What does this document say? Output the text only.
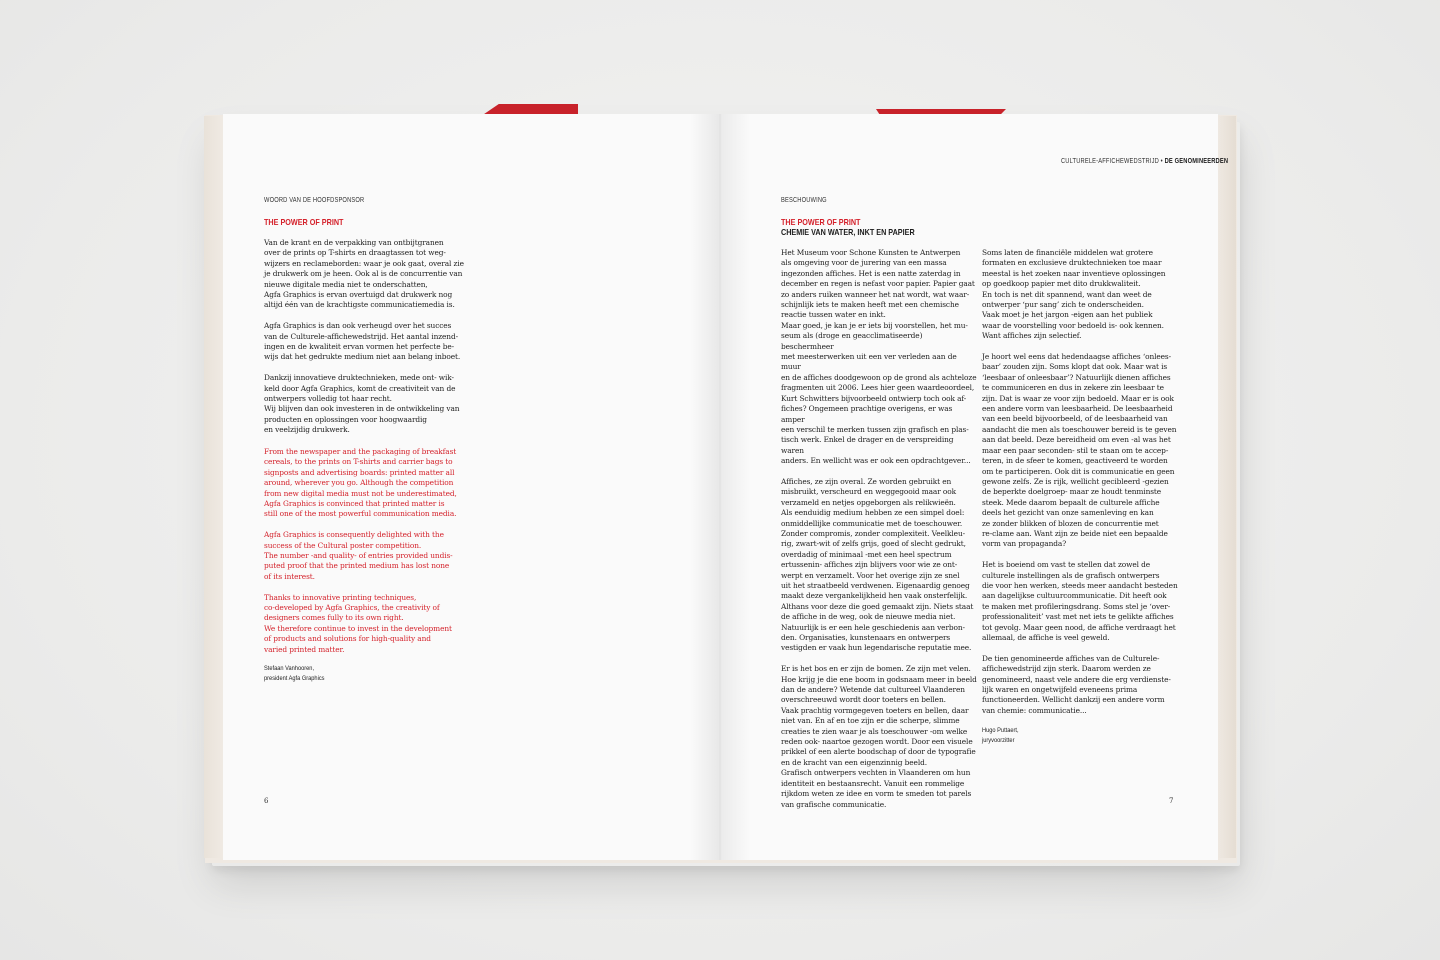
WOORD VAN DE HOOFDSPONSOR
THE POWER OF PRINT

Van de krant en de verpakking van ontbijtgranen
over de prints op T-shirts en draagtassen tot weg-
wijzers en reclameborden: waar je ook gaat, overal zie
je drukwerk om je heen. Ook al is de concurrentie van
nieuwe digitale media niet te onderschatten,
Agfa Graphics is ervan overtuigd dat drukwerk nog
altijd één van de krachtigste communicatiemedia is.

Agfa Graphics is dan ook verheugd over het succes
van de Culturele-affichewedstrijd. Het aantal inzend-
ingen en de kwaliteit ervan vormen het perfecte be-
wijs dat het gedrukte medium niet aan belang inboet.

Dankzij innovatieve druktechnieken, mede ont- wik-
keld door Agfa Graphics, komt de creativiteit van de
ontwerpers volledig tot haar recht.
Wij blijven dan ook investeren in de ontwikkeling van
producten en oplossingen voor hoogwaardig
en veelzijdig drukwerk.

From the newspaper and the packaging of breakfast
cereals, to the prints on T-shirts and carrier bags to
signposts and advertising boards: printed matter all
around, wherever you go. Although the competition
from new digital media must not be underestimated,
Agfa Graphics is convinced that printed matter is
still one of the most powerful communication media.

Agfa Graphics is consequently delighted with the
success of the Cultural poster competition.
The number -and quality- of entries provided undis-
puted proof that the printed medium has lost none
of its interest.

Thanks to innovative printing techniques,
co-developed by Agfa Graphics, the creativity of
designers comes fully to its own right.
We therefore continue to invest in the development
of products and solutions for high-quality and
varied printed matter.

Stefaan Vanhooren,
president Agfa Graphics
6
CULTURELE-AFFICHEWEDSTRIJD • DE GENOMINEERDEN
BESCHOUWING
THE POWER OF PRINT
CHEMIE VAN WATER, INKT EN PAPIER

Het Museum voor Schone Kunsten te Antwerpen
als omgeving voor de jurering van een massa
ingezonden affiches. Het is een natte zaterdag in
december en regen is nefast voor papier. Papier gaat
zo anders ruiken wanneer het nat wordt, wat waar-
schijnlijk iets te maken heeft met een chemische
reactie tussen water en inkt.
Maar goed, je kan je er iets bij voorstellen, het mu-
seum als (droge en geacclimatiseerde) beschermheer
met meesterwerken uit een ver verleden aan de muur
en de affiches doodgewoon op de grond als achteloze
fragmenten uit 2006. Lees hier geen waardeoordeel,
Kurt Schwitters bijvoorbeeld ontwierp toch ook af-
fiches? Ongemeen prachtige overigens, er was amper
een verschil te merken tussen zijn grafisch en plas-
tisch werk. Enkel de drager en de verspreiding waren
anders. En wellicht was er ook een opdrachtgever...

Affiches, ze zijn overal. Ze worden gebruikt en
misbruikt, verscheurd en weggegooid maar ook
verzameld en netjes opgeborgen als relikwieën.
Als eenduidig medium hebben ze een simpel doel:
onmiddellijke communicatie met de toeschouwer.
Zonder compromis, zonder complexiteit. Veelkleu-
rig, zwart-wit of zelfs grijs, goed of slecht gedrukt,
overdadig of minimaal -met een heel spectrum
ertussenin- affiches zijn blijvers voor wie ze ont-
werpt en verzamelt. Voor het overige zijn ze snel
uit het straatbeeld verdwenen. Eigenaardig genoeg
maakt deze vergankelijkheid hen vaak onsterfelijk.
Althans voor deze die goed gemaakt zijn. Niets staat
de affiche in de weg, ook de nieuwe media niet.
Natuurlijk is er een hele geschiedenis aan verbon-
den. Organisaties, kunstenaars en ontwerpers
vestigden er vaak hun legendarische reputatie mee.

Er is het bos en er zijn de bomen. Ze zijn met velen.
Hoe krijg je die ene boom in godsnaam meer in beeld
dan de andere? Wetende dat cultureel Vlaanderen
overschreeuwd wordt door toeters en bellen.
Vaak prachtig vormgegeven toeters en bellen, daar
niet van. En af en toe zijn er die scherpe, slimme
creaties te zien waar je als toeschouwer -om welke
reden ook- naartoe gezogen wordt. Door een visuele
prikkel of een alerte boodschap of door de typografie
en de kracht van een eigenzinnig beeld.
Grafisch ontwerpers vechten in Vlaanderen om hun
identiteit en bestaansrecht. Vanuit een rommelige
rijkdom weten ze idee en vorm te smeden tot parels
van grafische communicatie.

Soms laten de financiële middelen wat grotere
formaten en exclusieve druktechnieken toe maar
meestal is het zoeken naar inventieve oplossingen
op goedkoop papier met dito drukkwaliteit.
En toch is net dit spannend, want dan weet de
ontwerper ‘pur sang’ zich te onderscheiden.
Vaak moet je het jargon -eigen aan het publiek
waar de voorstelling voor bedoeld is- ook kennen.
Want affiches zijn selectief.

Je hoort wel eens dat hedendaagse affiches ‘onlees-
baar’ zouden zijn. Soms klopt dat ook. Maar wat is
‘leesbaar of onleesbaar’? Natuurlijk dienen affiches
te communiceren en dus in zekere zin leesbaar te
zijn. Dat is waar ze voor zijn bedoeld. Maar er is ook
een andere vorm van leesbaarheid. De leesbaarheid
van een beeld bijvoorbeeld, of de leesbaarheid van
aandacht die men als toeschouwer bereid is te geven
aan dat beeld. Deze bereidheid om even -al was het
maar een paar seconden- stil te staan om te accep-
teren, in de sfeer te komen, geactiveerd te worden
om te participeren. Ook dit is communicatie en geen
gewone zelfs. Ze is rijk, wellicht gecibleerd -gezien
de beperkte doelgroep- maar ze houdt tenminste
steek. Mede daarom bepaalt de culturele affiche
deels het gezicht van onze samenleving en kan
ze zonder blikken of blozen de concurrentie met
re-clame aan. Want zijn ze beide niet een bepaalde
vorm van propaganda?

Het is boeiend om vast te stellen dat zowel de
culturele instellingen als de grafisch ontwerpers
die voor hen werken, steeds meer aandacht besteden
aan dagelijkse cultuurcommunicatie. Dit heeft ook
te maken met profileringsdrang. Soms stel je ‘over-
professionaliteit’ vast met net iets te gelikte affiches
tot gevolg. Maar geen nood, de affiche verdraagt het
allemaal, de affiche is veel geweld.

De tien genomineerde affiches van de Culturele-
affichewedstrijd zijn sterk. Daarom werden ze
genomineerd, naast vele andere die erg verdienste-
lijk waren en ongetwijfeld eveneens prima
functioneerden. Wellicht dankzij een andere vorm
van chemie: communicatie...

Hugo Puttaert,
juryvoorzitter
7
